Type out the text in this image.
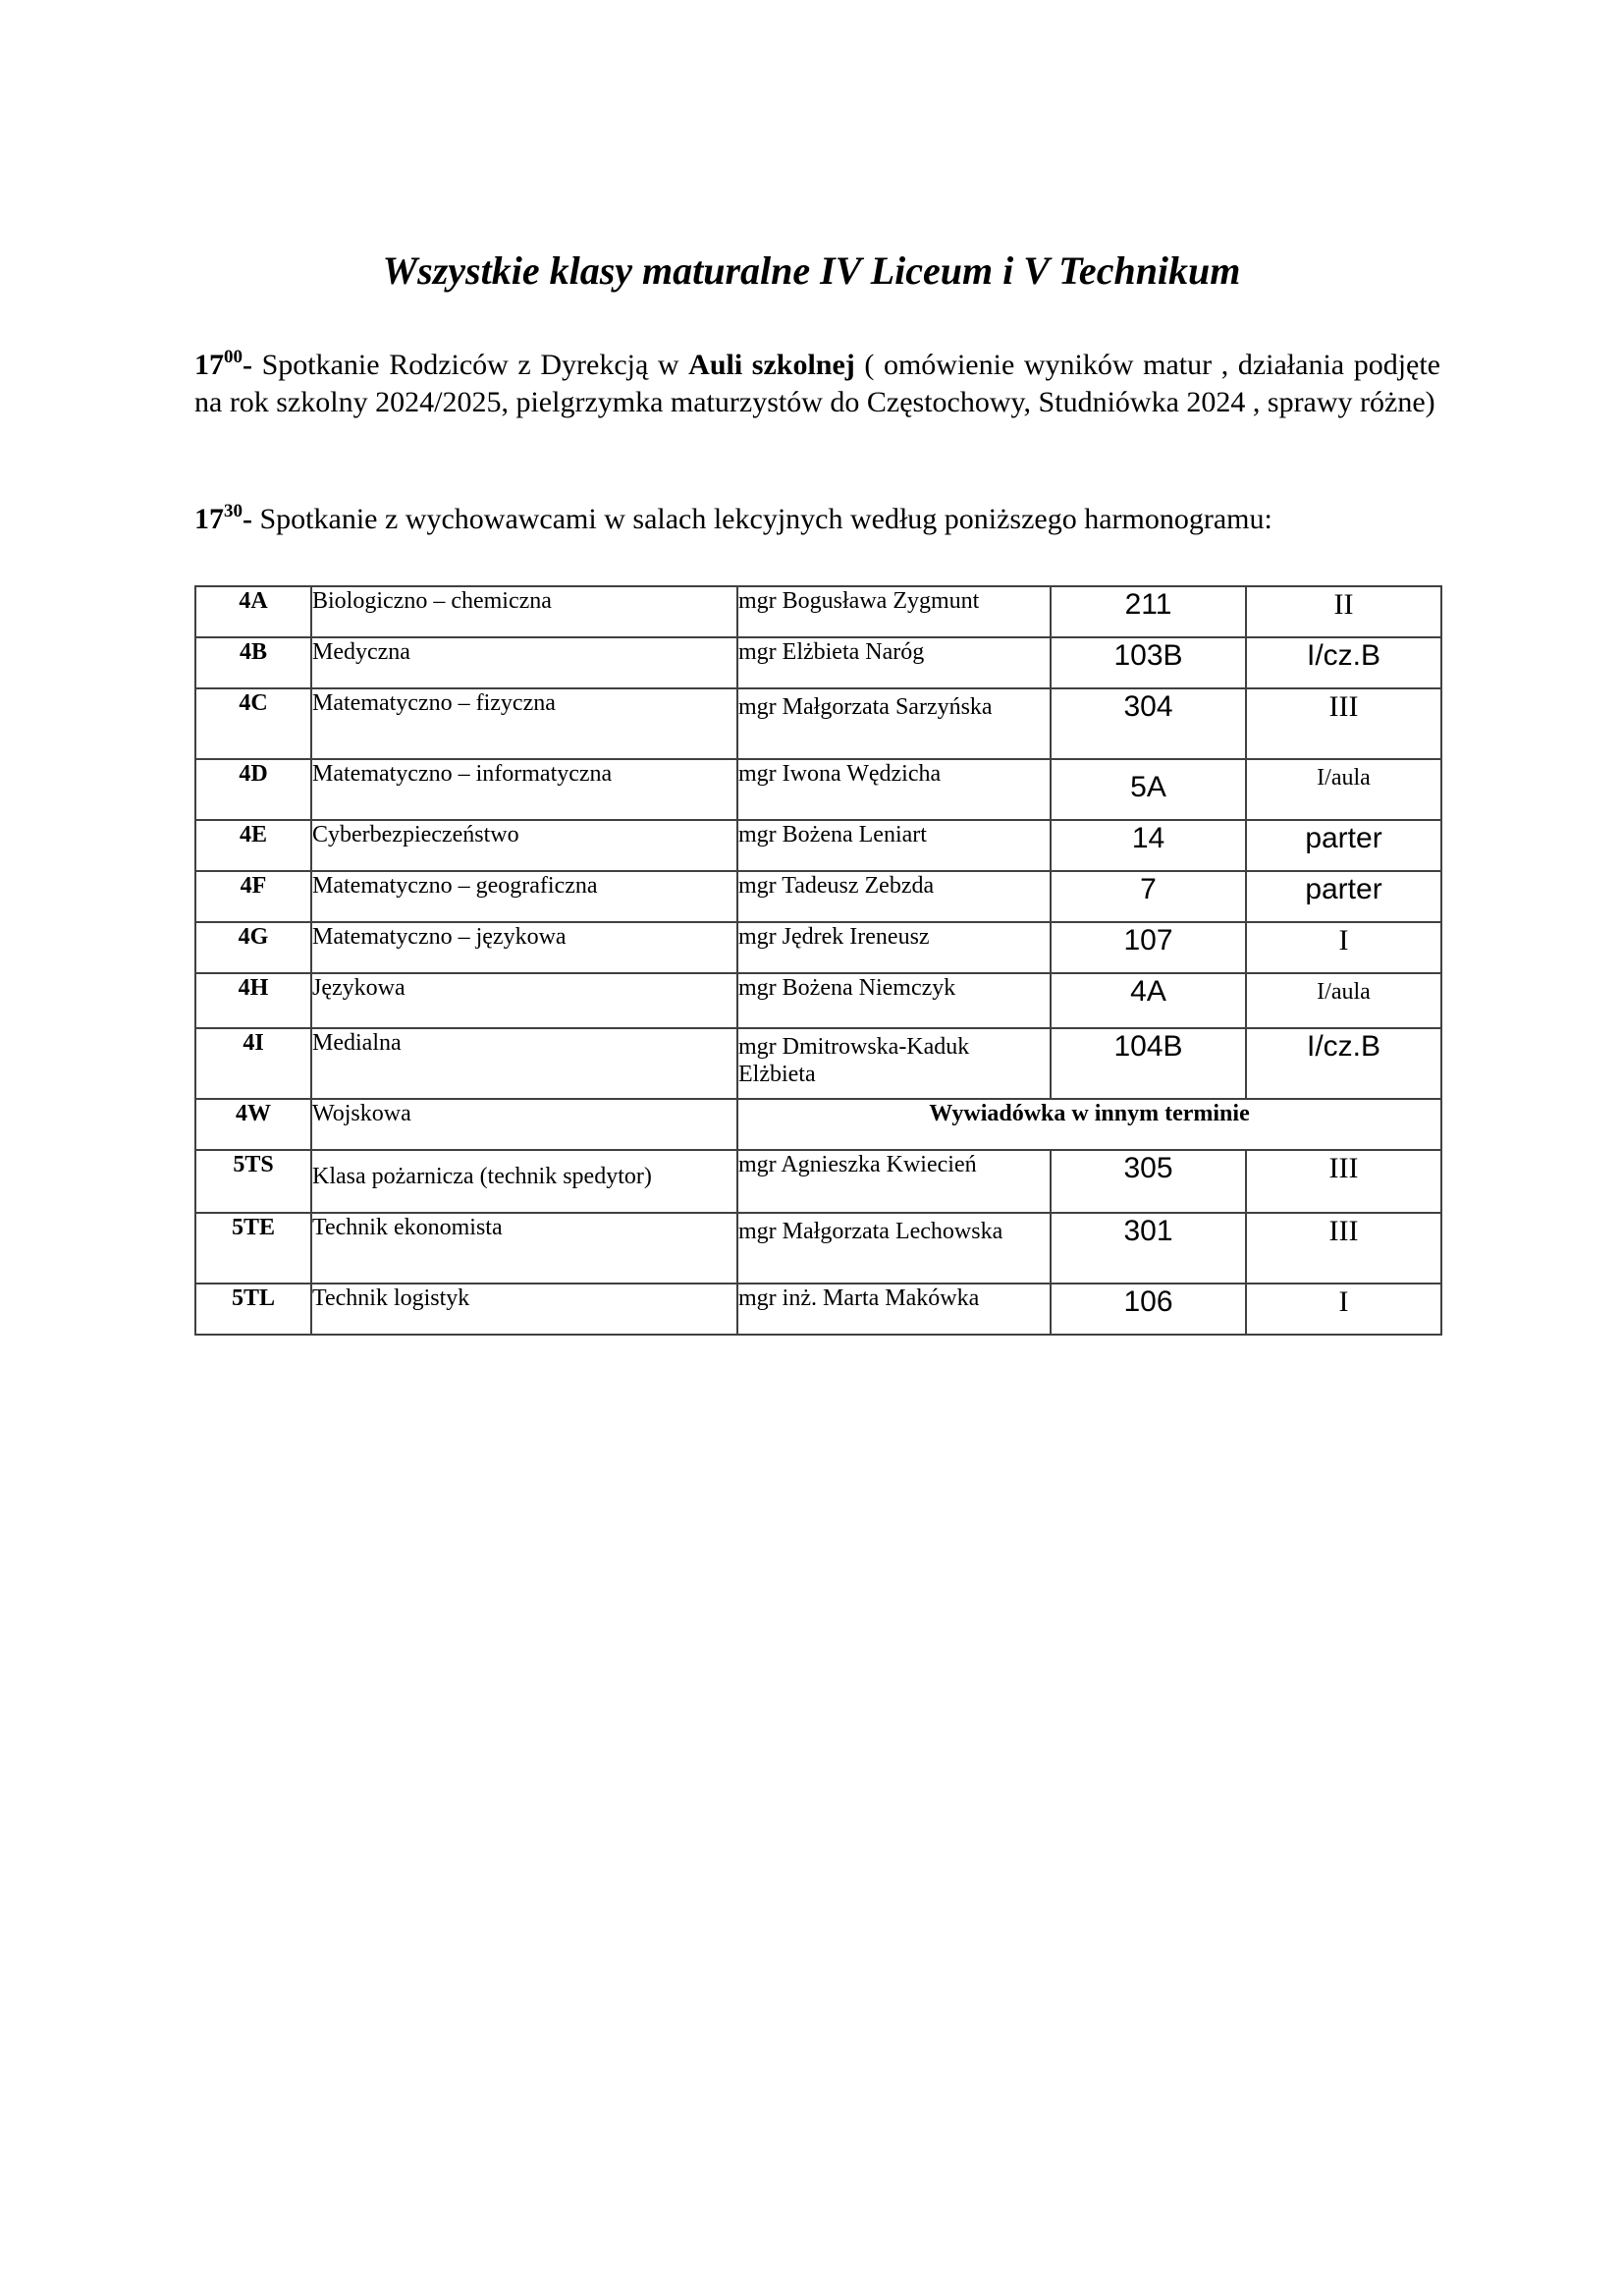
Wszystkie klasy maturalne IV Liceum i V Technikum
$17^{00}-$ Spotkanie Rodziców z Dyrekcją w Auli szkolnej ( omówienie wyników matur , działania podjęte na rok szkolny 2024/2025, pielgrzymka maturzystów do Częstochowy, Studniówka 2024 , sprawy różne)
$17^{30}-$ Spotkanie z wychowawcami w salach lekcyjnych według poniższego harmonogramu:
4A	Biologiczno – chemiczna	mgr Bogusława Zygmunt	211	II
4B	Medyczna	mgr Elżbieta Naróg	103B	I/cz.B
4C	Matematyczno – fizyczna	mgr Małgorzata Sarzyńska	304	III
4D	Matematyczno – informatyczna	mgr Iwona Wędzicha	5A	I/aula
4E	Cyberbezpieczeństwo	mgr Bożena Leniart	14	parter
4F	Matematyczno – geograficzna	mgr Tadeusz Zebzda	7	parter
4G	Matematyczno – językowa	mgr Jędrek Ireneusz	107	I
4H	Językowa	mgr Bożena Niemczyk	4A	I/aula
4I	Medialna	mgr Dmitrowska-Kaduk Elżbieta	104B	I/cz.B
4W	Wojskowa	Wywiadówka w innym terminie		
5TS	Klasa pożarnicza (technik spedytor)	mgr Agnieszka Kwiecień	305	III
5TE	Technik ekonomista	mgr Małgorzata Lechowska	301	III
5TL	Technik logistyk	mgr inż. Marta Makówka	106	I
